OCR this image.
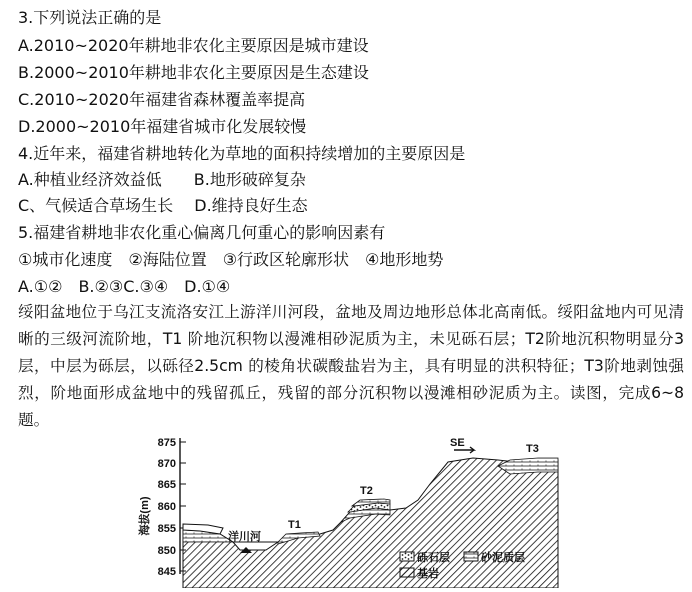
3.下列说法正确的是
A.2010~2020年耕地非农化主要原因是城市建设
B.2000~2010年耕地非农化主要原因是生态建设
C.2010~2020年福建省森林覆盖率提高
D.2000~2010年福建省城市化发展较慢
4.近年来，福建省耕地转化为草地的面积持续增加的主要原因是
A.种植业经济效益低　　B.地形破碎复杂
C、气候适合草场生长　 D.维持良好生态
5.福建省耕地非农化重心偏离几何重心的影响因素有
①城市化速度　②海陆位置　③行政区轮廓形状　④地形地势
A.①②　B.②③C.③④　D.①④
绥阳盆地位于乌江支流洛安江上游洋川河段，盆地及周边地形总体北高南低。绥阳盆地内可见清晰的三级河流阶地，T1 阶地沉积物以漫滩相砂泥质为主，未见砾石层；T2阶地沉积物明显分3层，中层为砾层，以砾径2.5cm 的棱角状碳酸盐岩为主，具有明显的洪积特征；T3阶地剥蚀强烈，阶地面形成盆地中的残留孤丘，残留的部分沉积物以漫滩相砂泥质为主。读图，完成6~8题。
875
870
865
860
855
850
845
海拔(m)
洋川河
T1
T2
T3
SE
砾石层	砂泥质层
基岩
